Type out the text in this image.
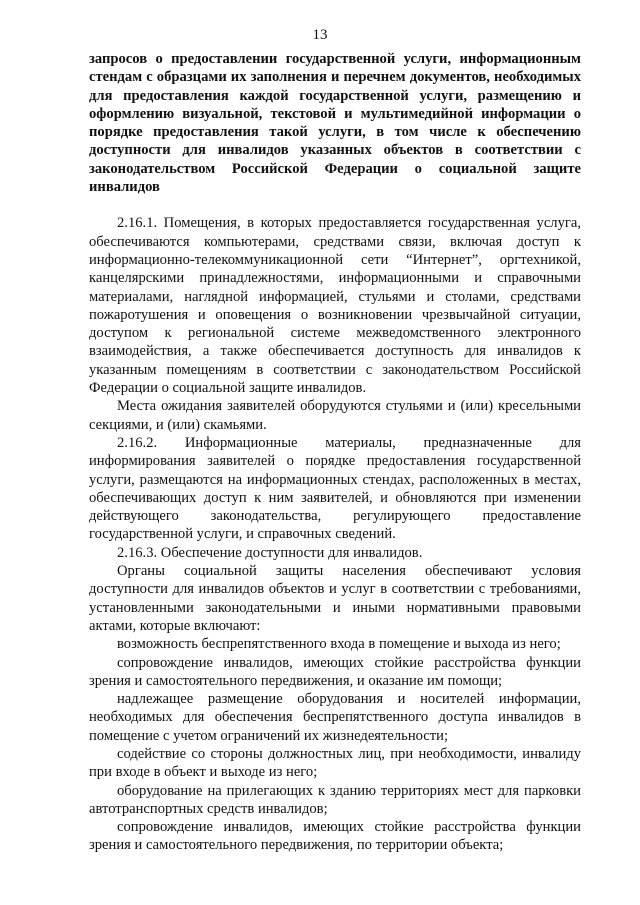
13

запросов о предоставлении государственной услуги, информационным стендам с образцами их заполнения и перечнем документов, необходимых для предоставления каждой государственной услуги, размещению и оформлению визуальной, текстовой и мультимедийной информации о порядке предоставления такой услуги, в том числе к обеспечению доступности для инвалидов указанных объектов в соответствии с законодательством Российской Федерации о социальной защите инвалидов

2.16.1. Помещения, в которых предоставляется государственная услуга, обеспечиваются компьютерами, средствами связи, включая доступ к информационно-телекоммуникационной сети “Интернет”, оргтехникой, канцелярскими принадлежностями, информационными и справочными материалами, наглядной информацией, стульями и столами, средствами пожаротушения и оповещения о возникновении чрезвычайной ситуации, доступом к региональной системе межведомственного электронного взаимодействия, а также обеспечивается доступность для инвалидов к указанным помещениям в соответствии с законодательством Российской Федерации о социальной защите инвалидов.

Места ожидания заявителей оборудуются стульями и (или) кресельными секциями, и (или) скамьями.

2.16.2. Информационные материалы, предназначенные для информирования заявителей о порядке предоставления государственной услуги, размещаются на информационных стендах, расположенных в местах, обеспечивающих доступ к ним заявителей, и обновляются при изменении действующего законодательства, регулирующего предоставление государственной услуги, и справочных сведений.

2.16.3. Обеспечение доступности для инвалидов.

Органы социальной защиты населения обеспечивают условия доступности для инвалидов объектов и услуг в соответствии с требованиями, установленными законодательными и иными нормативными правовыми актами, которые включают:

возможность беспрепятственного входа в помещение и выхода из него;

сопровождение инвалидов, имеющих стойкие расстройства функции зрения и самостоятельного передвижения, и оказание им помощи;

надлежащее размещение оборудования и носителей информации, необходимых для обеспечения беспрепятственного доступа инвалидов в помещение с учетом ограничений их жизнедеятельности;

содействие со стороны должностных лиц, при необходимости, инвалиду при входе в объект и выходе из него;

оборудование на прилегающих к зданию территориях мест для парковки автотранспортных средств инвалидов;

сопровождение инвалидов, имеющих стойкие расстройства функции зрения и самостоятельного передвижения, по территории объекта;
